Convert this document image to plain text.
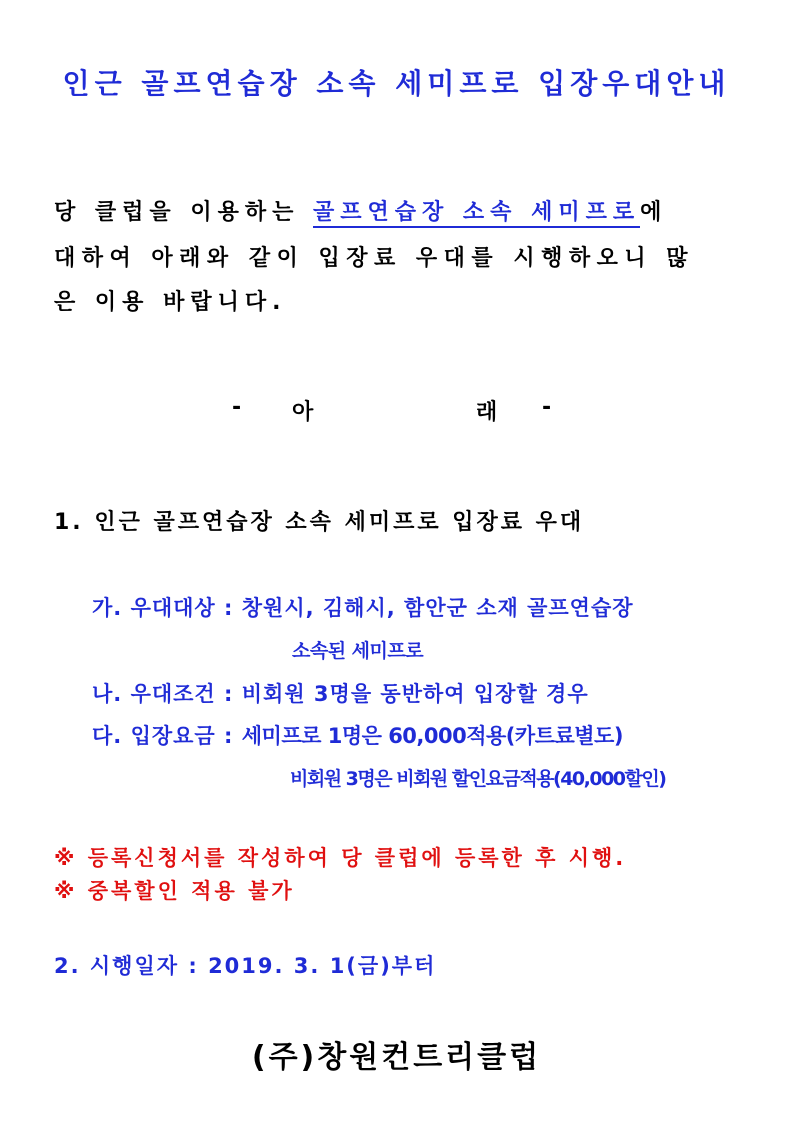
인근 골프연습장 소속 세미프로 입장우대안내
당 클럽을 이용하는 골프연습장 소속 세미프로에
대하여 아래와 같이 입장료 우대를 시행하오니 많
은 이용 바랍니다.
- 아	래 -
1. 인근 골프연습장 소속 세미프로 입장료 우대
가. 우대대상 : 창원시, 김해시, 함안군 소재 골프연습장
소속된 세미프로
나. 우대조건 : 비회원 3명을 동반하여 입장할 경우
다. 입장요금 : 세미프로 1명은 60,000적용(카트료별도)
비회원 3명은 비회원 할인요금적용(40,000할인)
※ 등록신청서를 작성하여 당 클럽에 등록한 후 시행.
※ 중복할인 적용 불가
2. 시행일자 : 2019. 3. 1(금)부터
(주)창원컨트리클럽
